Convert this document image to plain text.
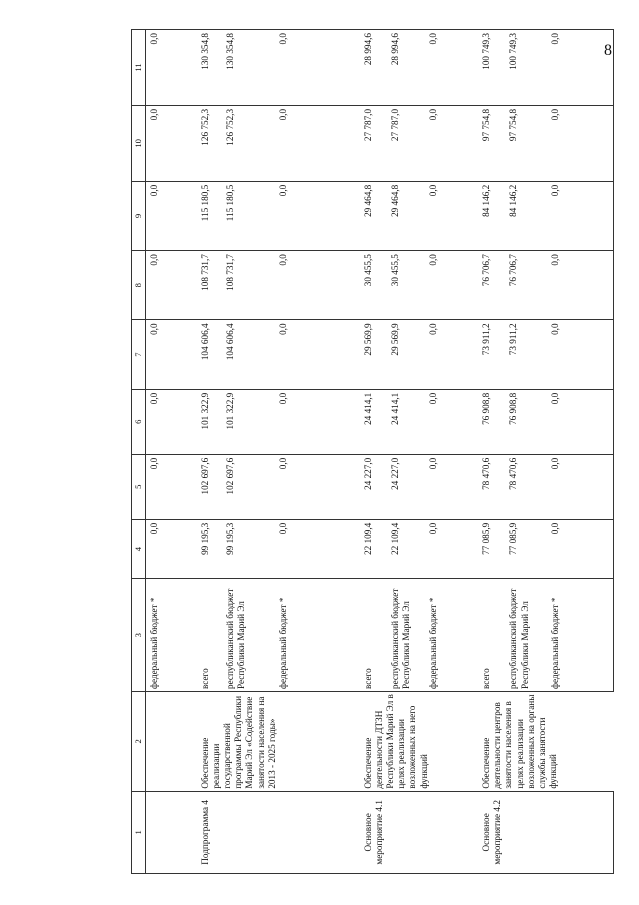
8
1	2	3	4	5	6	7	8	9	10	11
		федеральный бюджет *	0,0	0,0	0,0	0,0	0,0	0,0	0,0	0,0
Подпрограмма 4	Обеспечение реализации государственной программы Республики Марий Эл «Содействие занятости населения на 2013 - 2025 годы»	всего	99 195,3	102 697,6	101 322,9	104 606,4	108 731,7	115 180,5	126 752,3	130 354,8
		республиканский бюджет Республики Марий Эл	99 195,3	102 697,6	101 322,9	104 606,4	108 731,7	115 180,5	126 752,3	130 354,8
		федеральный бюджет *	0,0	0,0	0,0	0,0	0,0	0,0	0,0	0,0
Основное мероприятие 4.1	Обеспечение деятельности ДТЗН Республики Марий Эл в целях реализации возложенных на него функций	всего	22 109,4	24 227,0	24 414,1	29 569,9	30 455,5	29 464,8	27 787,0	28 994,6
		республиканский бюджет Республики Марий Эл	22 109,4	24 227,0	24 414,1	29 569,9	30 455,5	29 464,8	27 787,0	28 994,6
		федеральный бюджет *	0,0	0,0	0,0	0,0	0,0	0,0	0,0	0,0
Основное мероприятие 4.2	Обеспечение деятельности центров занятости населения в целях реализации возложенных на органы службы занятости функций	всего	77 085,9	78 470,6	76 908,8	73 911,2	76 706,7	84 146,2	97 754,8	100 749,3
		республиканский бюджет Республики Марий Эл	77 085,9	78 470,6	76 908,8	73 911,2	76 706,7	84 146,2	97 754,8	100 749,3
		федеральный бюджет *	0,0	0,0	0,0	0,0	0,0	0,0	0,0	0,0
